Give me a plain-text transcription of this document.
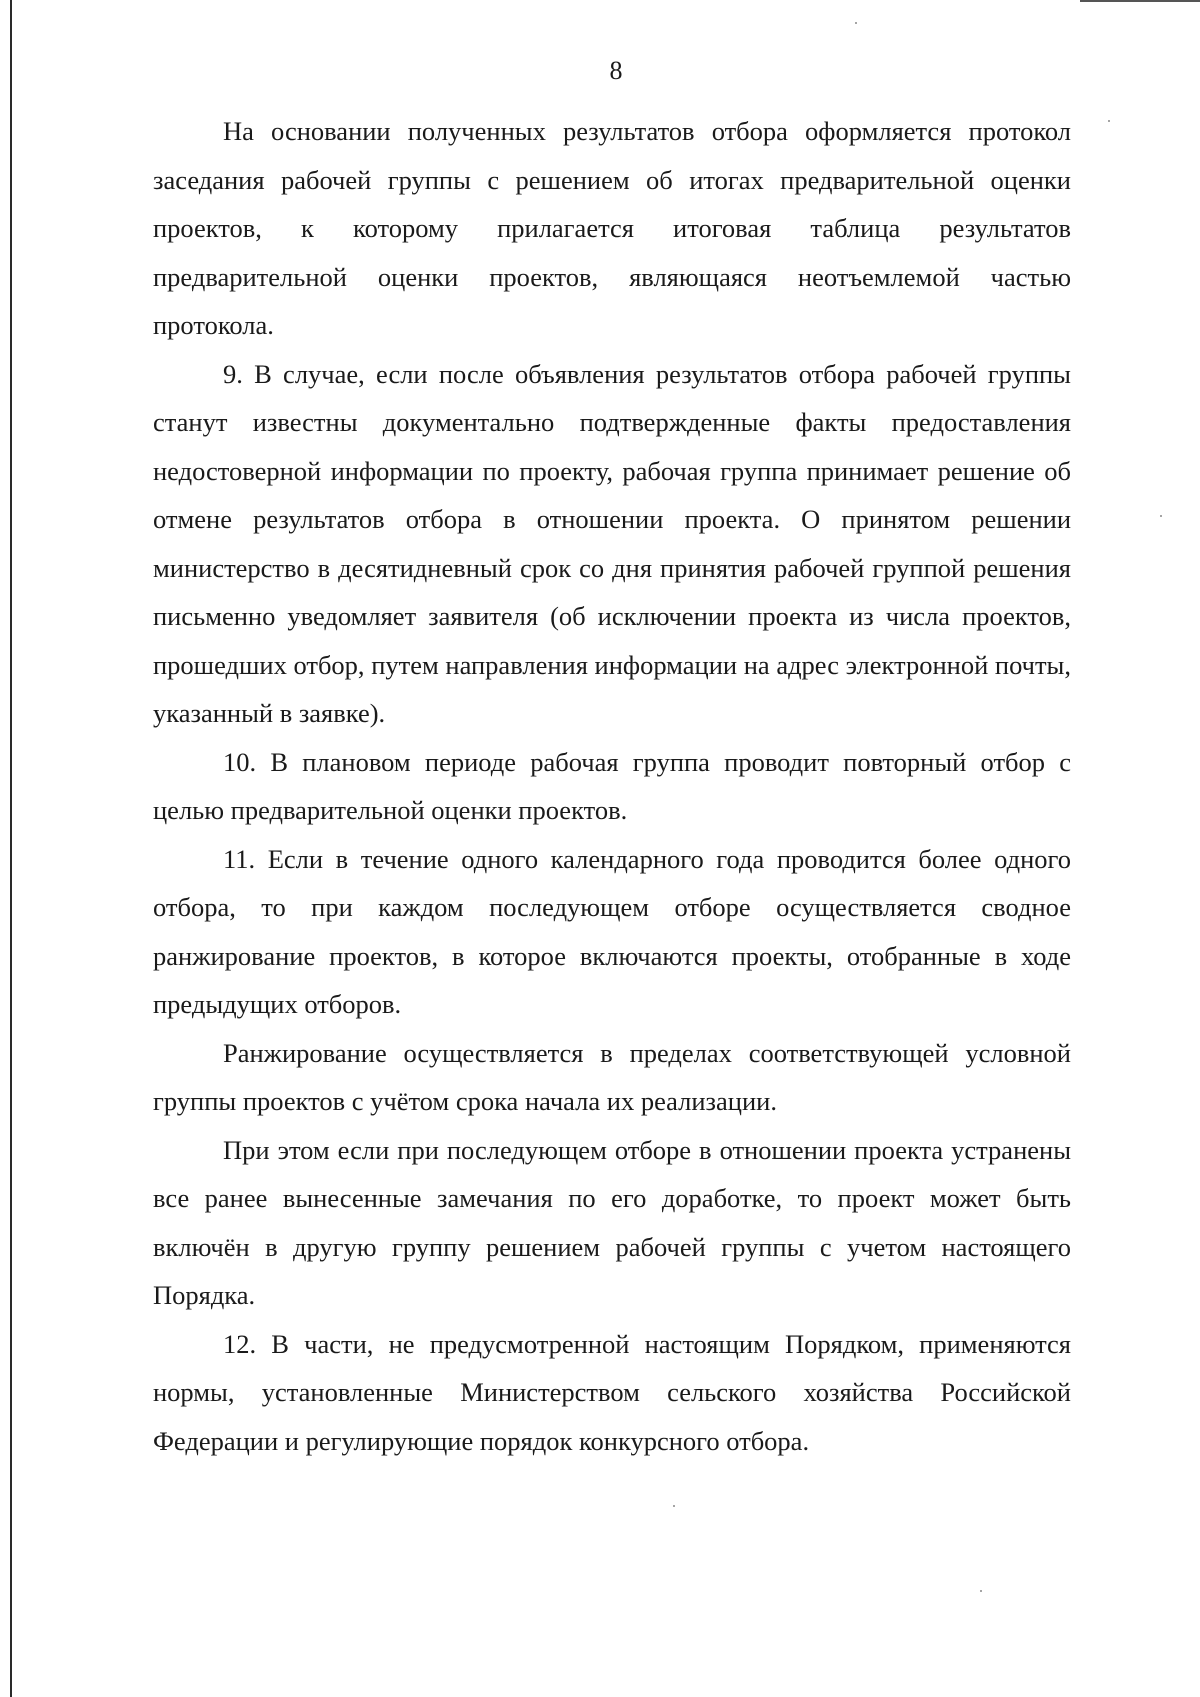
8

На основании полученных результатов отбора оформляется протокол заседания рабочей группы с решением об итогах предварительной оценки проектов, к которому прилагается итоговая таблица результатов предварительной оценки проектов, являющаяся неотъемлемой частью протокола.

9. В случае, если после объявления результатов отбора рабочей группы станут известны документально подтвержденные факты предоставления недостоверной информации по проекту, рабочая группа принимает решение об отмене результатов отбора в отношении проекта. О принятом решении министерство в десятидневный срок со дня принятия рабочей группой решения письменно уведомляет заявителя (об исключении проекта из числа проектов, прошедших отбор, путем направления информации на адрес электронной почты, указанный в заявке).

10. В плановом периоде рабочая группа проводит повторный отбор с целью предварительной оценки проектов.

11. Если в течение одного календарного года проводится более одного отбора, то при каждом последующем отборе осуществляется сводное ранжирование проектов, в которое включаются проекты, отобранные в ходе предыдущих отборов.

Ранжирование осуществляется в пределах соответствующей условной группы проектов с учётом срока начала их реализации.

При этом если при последующем отборе в отношении проекта устранены все ранее вынесенные замечания по его доработке, то проект может быть включён в другую группу решением рабочей группы с учетом настоящего Порядка.

12. В части, не предусмотренной настоящим Порядком, применяются нормы, установленные Министерством сельского хозяйства Российской Федерации и регулирующие порядок конкурсного отбора.
